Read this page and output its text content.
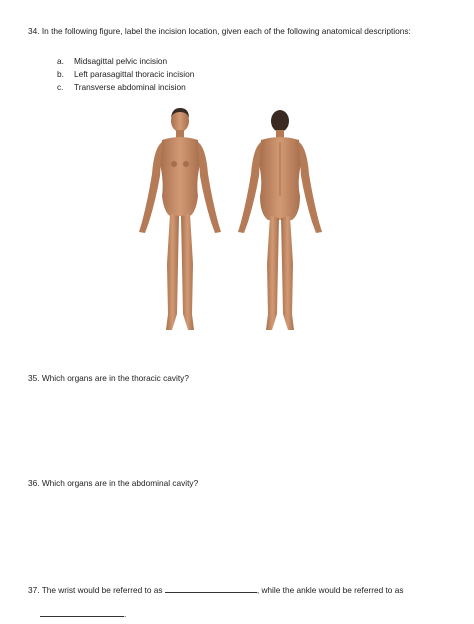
34. In the following figure, label the incision location, given each of the following anatomical descriptions:
a. Midsagittal pelvic incision
b. Left parasagittal thoracic incision
c. Transverse abdominal incision
35. Which organs are in the thoracic cavity?
36. Which organs are in the abdominal cavity?
37. The wrist would be referred to as	, while the ankle would be referred to as
.
